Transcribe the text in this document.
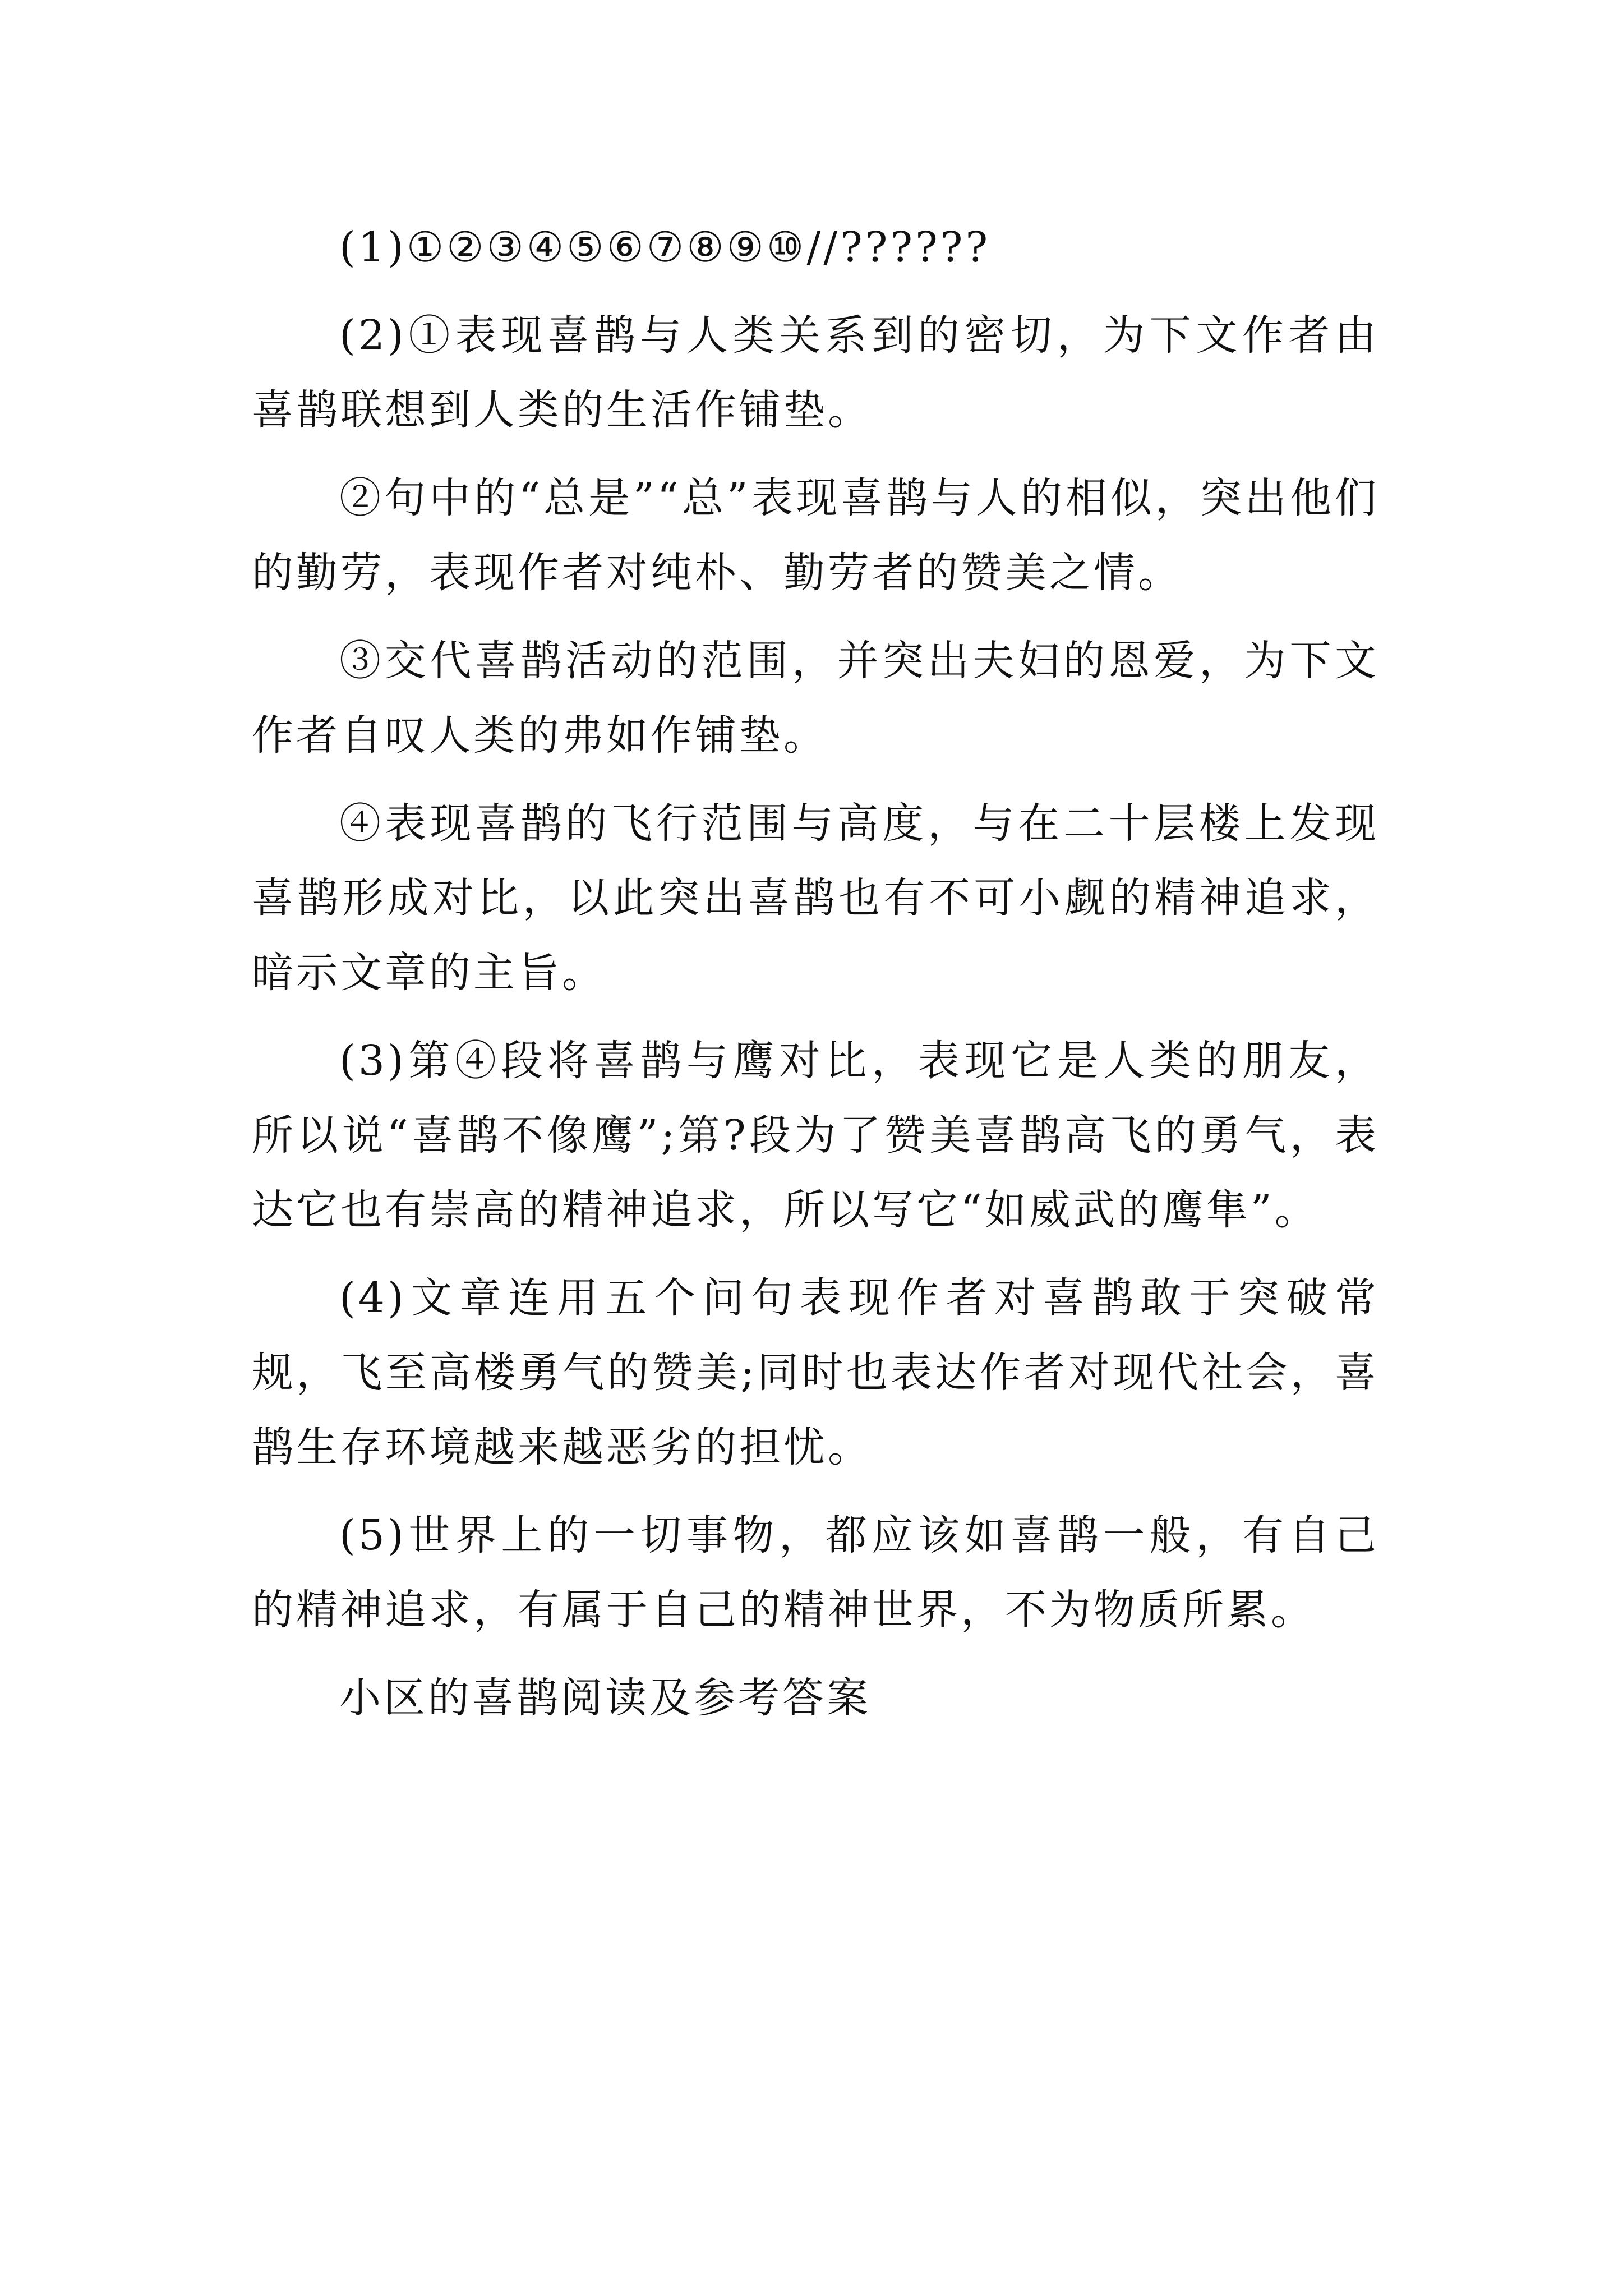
(1)①②③④⑤⑥⑦⑧⑨⑩//??????

(2)①表现喜鹊与人类关系到的密切，为下文作者由喜鹊联想到人类的生活作铺垫。

②句中的“总是”“总”表现喜鹊与人的相似，突出他们的勤劳，表现作者对纯朴、勤劳者的赞美之情。

③交代喜鹊活动的范围，并突出夫妇的恩爱，为下文作者自叹人类的弗如作铺垫。

④表现喜鹊的飞行范围与高度，与在二十层楼上发现喜鹊形成对比，以此突出喜鹊也有不可小觑的精神追求，暗示文章的主旨。

(3)第④段将喜鹊与鹰对比，表现它是人类的朋友，所以说“喜鹊不像鹰”;第?段为了赞美喜鹊高飞的勇气，表达它也有崇高的精神追求，所以写它“如威武的鹰隼”。

(4)文章连用五个问句表现作者对喜鹊敢于突破常规，飞至高楼勇气的赞美;同时也表达作者对现代社会，喜鹊生存环境越来越恶劣的担忧。

(5)世界上的一切事物，都应该如喜鹊一般，有自己的精神追求，有属于自己的精神世界，不为物质所累。

小区的喜鹊阅读及参考答案
